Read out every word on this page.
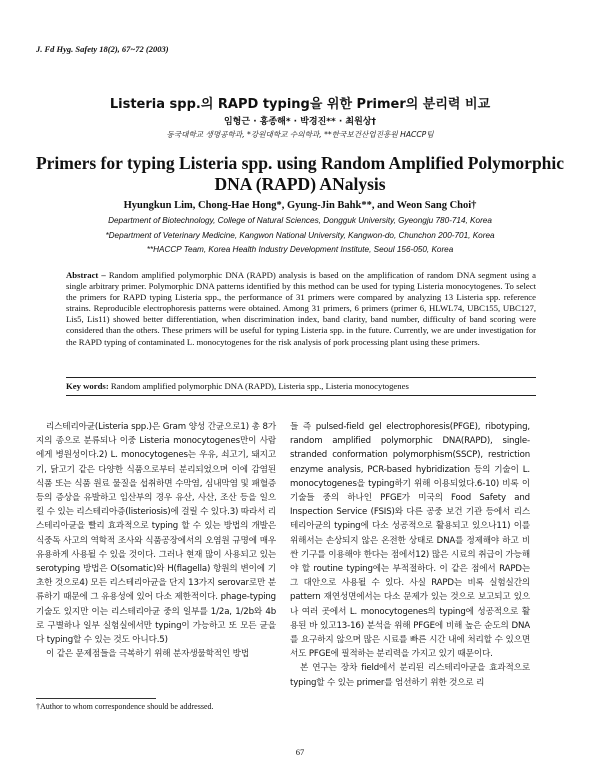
J. Fd Hyg. Safety 18(2), 67~72 (2003)
Listeria spp.의 RAPD typing을 위한 Primer의 분리력 비교
임형근 · 홍종해* · 박경진** · 최원상†
동국대학교 생명공학과, *강원대학교 수의학과, **한국보건산업진흥원 HACCP팀
Primers for typing Listeria spp. using Random Amplified Polymorphic DNA (RAPD) ANalysis
Hyungkun Lim, Chong-Hae Hong*, Gyung-Jin Bahk**, and Weon Sang Choi†
Department of Biotechnology, College of Natural Sciences, Dongguk University, Gyeongju 780-714, Korea
*Department of Veterinary Medicine, Kangwon National University, Kangwon-do, Chunchon 200-701, Korea
**HACCP Team, Korea Health Industry Development Institute, Seoul 156-050, Korea
Abstract – Random amplified polymorphic DNA (RAPD) analysis is based on the amplification of random DNA segment using a single arbitrary primer. Polymorphic DNA patterns identified by this method can be used for typing Listeria monocytogenes. To select the primers for RAPD typing Listeria spp., the performance of 31 primers were compared by analyzing 13 Listeria spp. reference strains. Reproducible electrophoresis patterns were obtained. Among 31 primers, 6 primers (primer 6, HLWL74, UBC155, UBC127, Lis5, Lis11) showed better differentiation, when discrimination index, band clarity, band number, difficulty of band scoring were considered than the others. These primers will be useful for typing Listeria spp. in the future. Currently, we are under investigation for the RAPD typing of contaminated L. monocytogenes for the risk analysis of pork processing plant using these primers.
Key words: Random amplified polymorphic DNA (RAPD), Listeria spp., Listeria monocytogenes

리스테리아균(Listeria spp.)은 Gram 양성 간균으로1) 총 8가지의 종으로 분류되나 이중 Listeria monocytogenes만이 사람에게 병원성이다.2) L. monocytogenes는 우유, 쇠고기, 돼지고기, 닭고기 같은 다양한 식품으로부터 분리되었으며 이에 감염된 식품 또는 식품 원료 물질을 섭취하면 수막염, 심내막염 및 패혈증 등의 증상을 유발하고 임산부의 경우 유산, 사산, 조산 등을 일으킬 수 있는 리스테리아증(listeriosis)에 걸릴 수 있다.3) 따라서 리스테리아균을 빨리 효과적으로 typing 할 수 있는 방법의 개발은 식중독 사고의 역학적 조사와 식품공장에서의 오염원 규명에 매우 유용하게 사용될 수 있을 것이다. 그러나 현재 많이 사용되고 있는 serotyping 방법은 O(somatic)와 H(flagella) 항원의 변이에 기초한 것으로4) 모든 리스테리아균을 단지 13가지 serovar로만 분류하기 때문에 그 유용성에 있어 다소 제한적이다. phage-typing 기술도 있지만 이는 리스테리아균 중의 일부를 1/2a, 1/2b와 4b로 구별하나 일부 실험실에서만 typing이 가능하고 또 모든 균을 다 typing할 수 있는 것도 아니다.5)

이 같은 문제점들을 극복하기 위해 분자생물학적인 방법

들 즉 pulsed-field gel electrophoresis(PFGE), ribotyping, random amplified polymorphic DNA(RAPD), single-stranded conformation polymorphism(SSCP), restriction enzyme analysis, PCR-based hybridization 등의 기술이 L. monocytogenes을 typing하기 위해 이용되었다.6-10) 비록 이 기술들 중의 하나인 PFGE가 미국의 Food Safety and Inspection Service (FSIS)와 다른 공중 보건 기관 등에서 리스테리아균의 typing에 다소 성공적으로 활용되고 있으나11) 이를 위해서는 손상되지 않은 온전한 상태로 DNA를 정제해야 하고 비싼 기구를 이용해야 한다는 점에서12) 많은 시료의 취급이 가능해야 할 routine typing에는 부적절하다. 이 같은 점에서 RAPD는 그 대안으로 사용될 수 있다. 사실 RAPD는 비록 실험실간의 pattern 재연성면에서는 다소 문제가 있는 것으로 보고되고 있으나 여러 곳에서 L. monocytogenes의 typing에 성공적으로 활용된 바 있고13-16) 분석을 위해 PFGE에 비해 높은 순도의 DNA를 요구하지 않으며 많은 시료를 빠른 시간 내에 처리할 수 있으면서도 PFGE에 필적하는 분리력을 가지고 있기 때문이다.

본 연구는 장차 field에서 분리된 리스테리아균을 효과적으로 typing할 수 있는 primer를 엄선하기 위한 것으로 리

†Author to whom correspondence should be addressed.
67
